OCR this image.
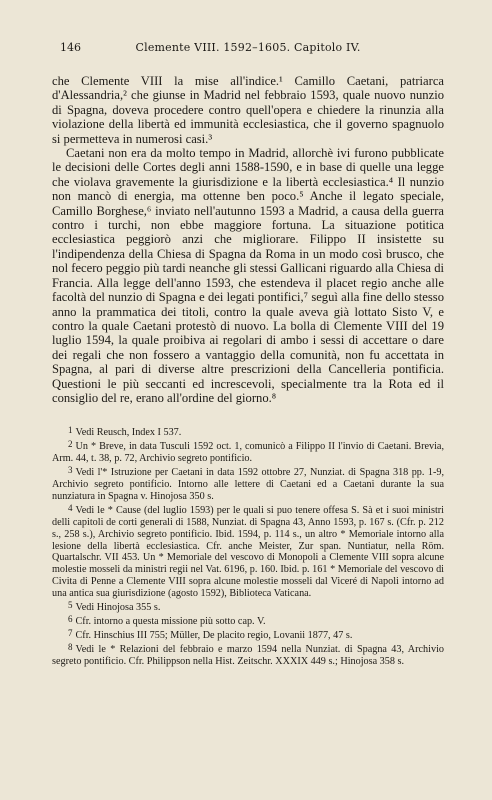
146	Clemente VIII. 1592–1605. Capitolo IV.

che Clemente VIII la mise all'indice.¹ Camillo Caetani, patriarca d'Alessandria,² che giunse in Madrid nel febbraio 1593, quale nuovo nunzio di Spagna, doveva procedere contro quell'opera e chiedere la rinunzia alla violazione della libertà ed immunità ecclesiastica, che il governo spagnuolo si permetteva in numerosi casi.³

Caetani non era da molto tempo in Madrid, allorchè ivi furono pubblicate le decisioni delle Cortes degli anni 1588-1590, e in base di quelle una legge che violava gravemente la giurisdizione e la libertà ecclesiastica.⁴ Il nunzio non mancò di energia, ma ottenne ben poco.⁵ Anche il legato speciale, Camillo Borghese,⁶ inviato nell'autunno 1593 a Madrid, a causa della guerra contro i turchi, non ebbe maggiore fortuna. La situazione potitica ecclesiastica peggiorò anzi che migliorare. Filippo II insistette su l'indipendenza della Chiesa di Spagna da Roma in un modo così brusco, che nol fecero peggio più tardi neanche gli stessi Gallicani riguardo alla Chiesa di Francia. Alla legge dell'anno 1593, che estendeva il placet regio anche alle facoltà del nunzio di Spagna e dei legati pontifici,⁷ seguì alla fine dello stesso anno la prammatica dei titoli, contro la quale aveva già lottato Sisto V, e contro la quale Caetani protestò di nuovo. La bolla di Clemente VIII del 19 luglio 1594, la quale proibiva ai regolari di ambo i sessi di accettare o dare dei regali che non fossero a vantaggio della comunità, non fu accettata in Spagna, al pari di diverse altre prescrizioni della Cancelleria pontificia. Questioni le più seccanti ed increscevoli, specialmente tra la Rota ed il consiglio del re, erano all'ordine del giorno.⁸

1 Vedi Reusch, Index I 537.

2 Un * Breve, in data Tusculi 1592 oct. 1, comunicò a Filippo II l'invio di Caetani. Brevia, Arm. 44, t. 38, p. 72, Archivio segreto pontificio.

3 Vedi l'* Istruzione per Caetani in data 1592 ottobre 27, Nunziat. di Spagna 318 pp. 1-9, Archivio segreto pontificio. Intorno alle lettere di Caetani ed a Caetani durante la sua nunziatura in Spagna v. Hinojosa 350 s.

4 Vedi le * Cause (del luglio 1593) per le quali si puo tenere offesa S. Sà et i suoi ministri delli capitoli de corti generali di 1588, Nunziat. di Spagna 43, Anno 1593, p. 167 s. (Cfr. p. 212 s., 258 s.), Archivio segreto pontificio. Ibid. 1594, p. 114 s., un altro * Memoriale intorno alla lesione della libertà ecclesiastica. Cfr. anche Meister, Zur span. Nuntiatur, nella Röm. Quartalschr. VII 453. Un * Memoriale del vescovo di Monopoli a Clemente VIII sopra alcune molestie mosseli da ministri regii nel Vat. 6196, p. 160. Ibid. p. 161 * Memoriale del vescovo di Civita di Penne a Clemente VIII sopra alcune molestie mosseli dal Viceré di Napoli intorno ad una antica sua giurisdizione (agosto 1592), Biblioteca Vaticana.

5 Vedi Hinojosa 355 s.

6 Cfr. intorno a questa missione più sotto cap. V.

7 Cfr. Hinschius III 755; Müller, De placito regio, Lovanii 1877, 47 s.

8 Vedi le * Relazioni del febbraio e marzo 1594 nella Nunziat. di Spagna 43, Archivio segreto pontificio. Cfr. Philippson nella Hist. Zeitschr. XXXIX 449 s.; Hinojosa 358 s.
